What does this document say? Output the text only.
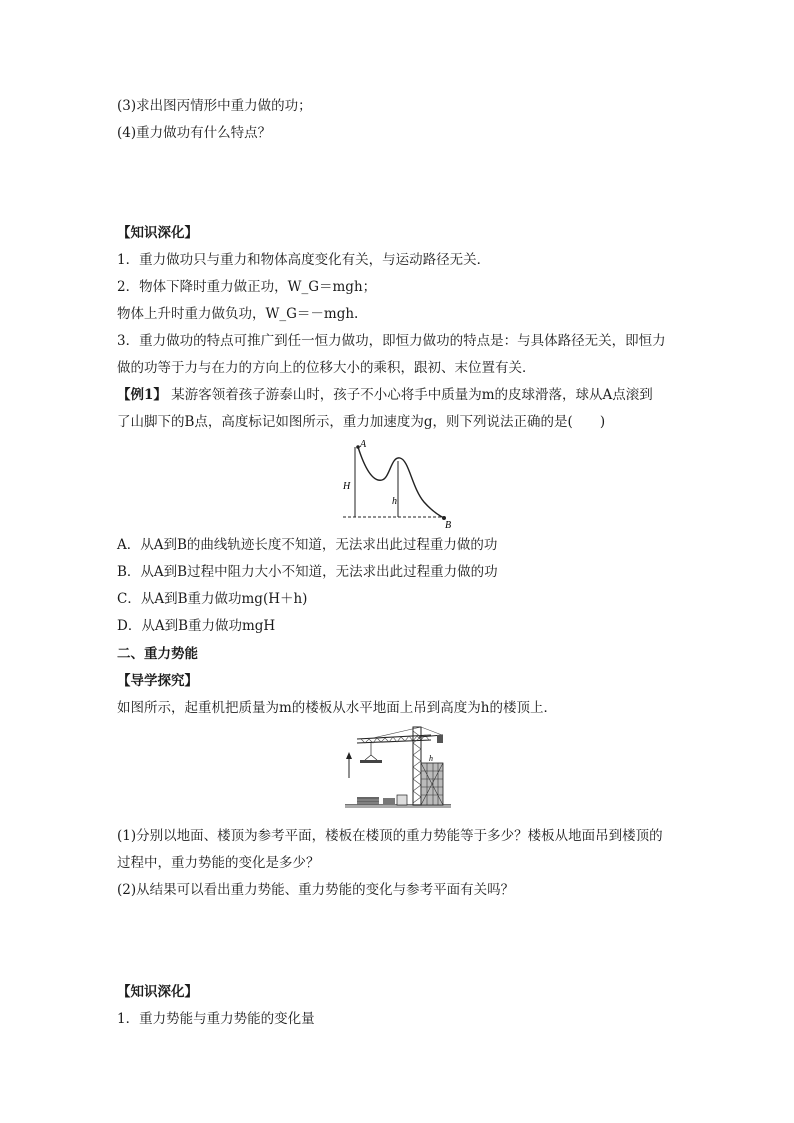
(3)求出图丙情形中重力做的功；
(4)重力做功有什么特点？
【知识深化】
1．重力做功只与重力和物体高度变化有关，与运动路径无关．
2．物体下降时重力做正功，W_G＝mgh；
物体上升时重力做负功，W_G＝－mgh.
3．重力做功的特点可推广到任一恒力做功，即恒力做功的特点是：与具体路径无关，即恒力
做的功等于力与在力的方向上的位移大小的乘积，跟初、末位置有关．
【例1】 某游客领着孩子游泰山时，孩子不小心将手中质量为m的皮球滑落，球从A点滚到
了山脚下的B点，高度标记如图所示，重力加速度为g，则下列说法正确的是(　　)
A
B
H
h
A．从A到B的曲线轨迹长度不知道，无法求出此过程重力做的功
B．从A到B过程中阻力大小不知道，无法求出此过程重力做的功
C．从A到B重力做功mg(H＋h)
D．从A到B重力做功mgH
二、重力势能
【导学探究】
如图所示，起重机把质量为m的楼板从水平地面上吊到高度为h的楼顶上．
h
(1)分别以地面、楼顶为参考平面，楼板在楼顶的重力势能等于多少？楼板从地面吊到楼顶的
过程中，重力势能的变化是多少？
(2)从结果可以看出重力势能、重力势能的变化与参考平面有关吗？
【知识深化】
1．重力势能与重力势能的变化量
